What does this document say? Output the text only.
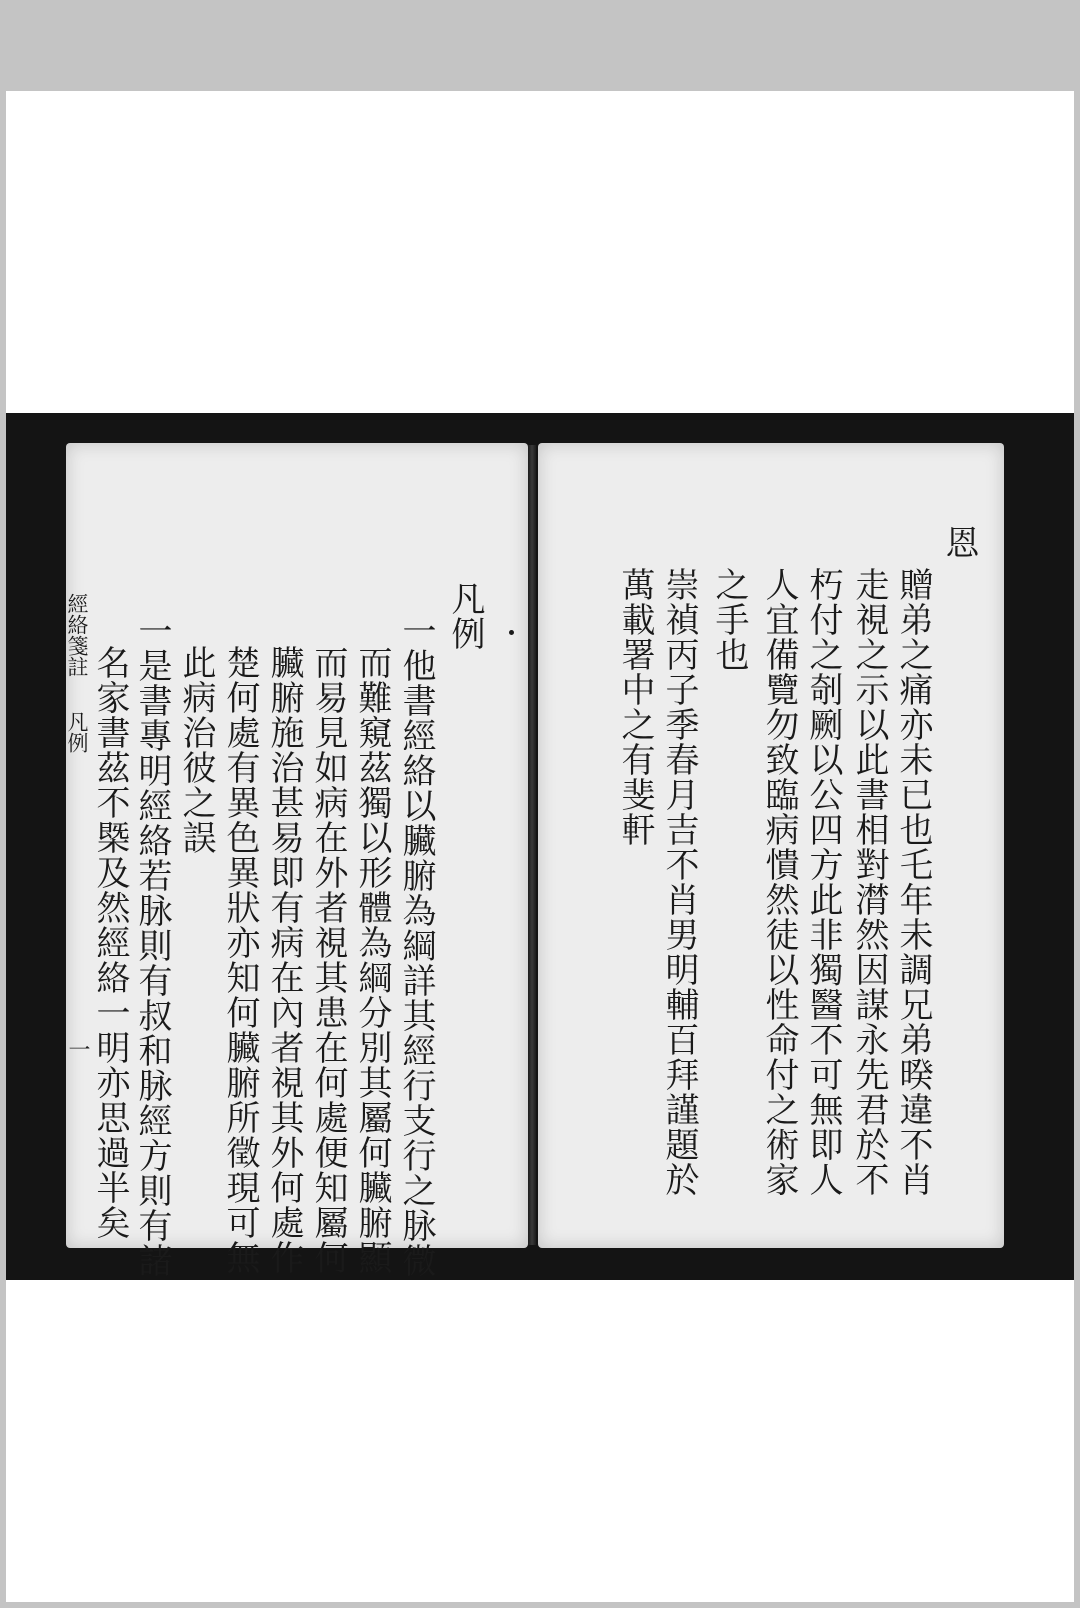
經絡箋註
凡例
一 名家書茲不槩及然經絡一明亦思過半矣 一是書專明經絡若脉則有叔和脉經方則有諸 此病治彼之誤 楚何處有異色異狀亦知何臟腑所徵現可無 臟腑施治甚易即有病在內者視其外何處作 而易見如病在外者視其患在何處便知屬何 而難窺茲獨以形體為綱分別其屬何臟腑顯 一他書經絡以臟腑為綱詳其經行支行之脉微 凡例	萬載署中之有斐軒 崇禎丙子季春月吉不肖男明輔百拜謹題於 之手也 人宜備覽勿致臨病憒然徒以性命付之術家 朽付之剞劂以公四方此非獨醫不可無即人 走視之示以此書相對潸然因謀永先君於不 贈弟之痛亦未已也乇年未調兄弟暌違不肖
恩
